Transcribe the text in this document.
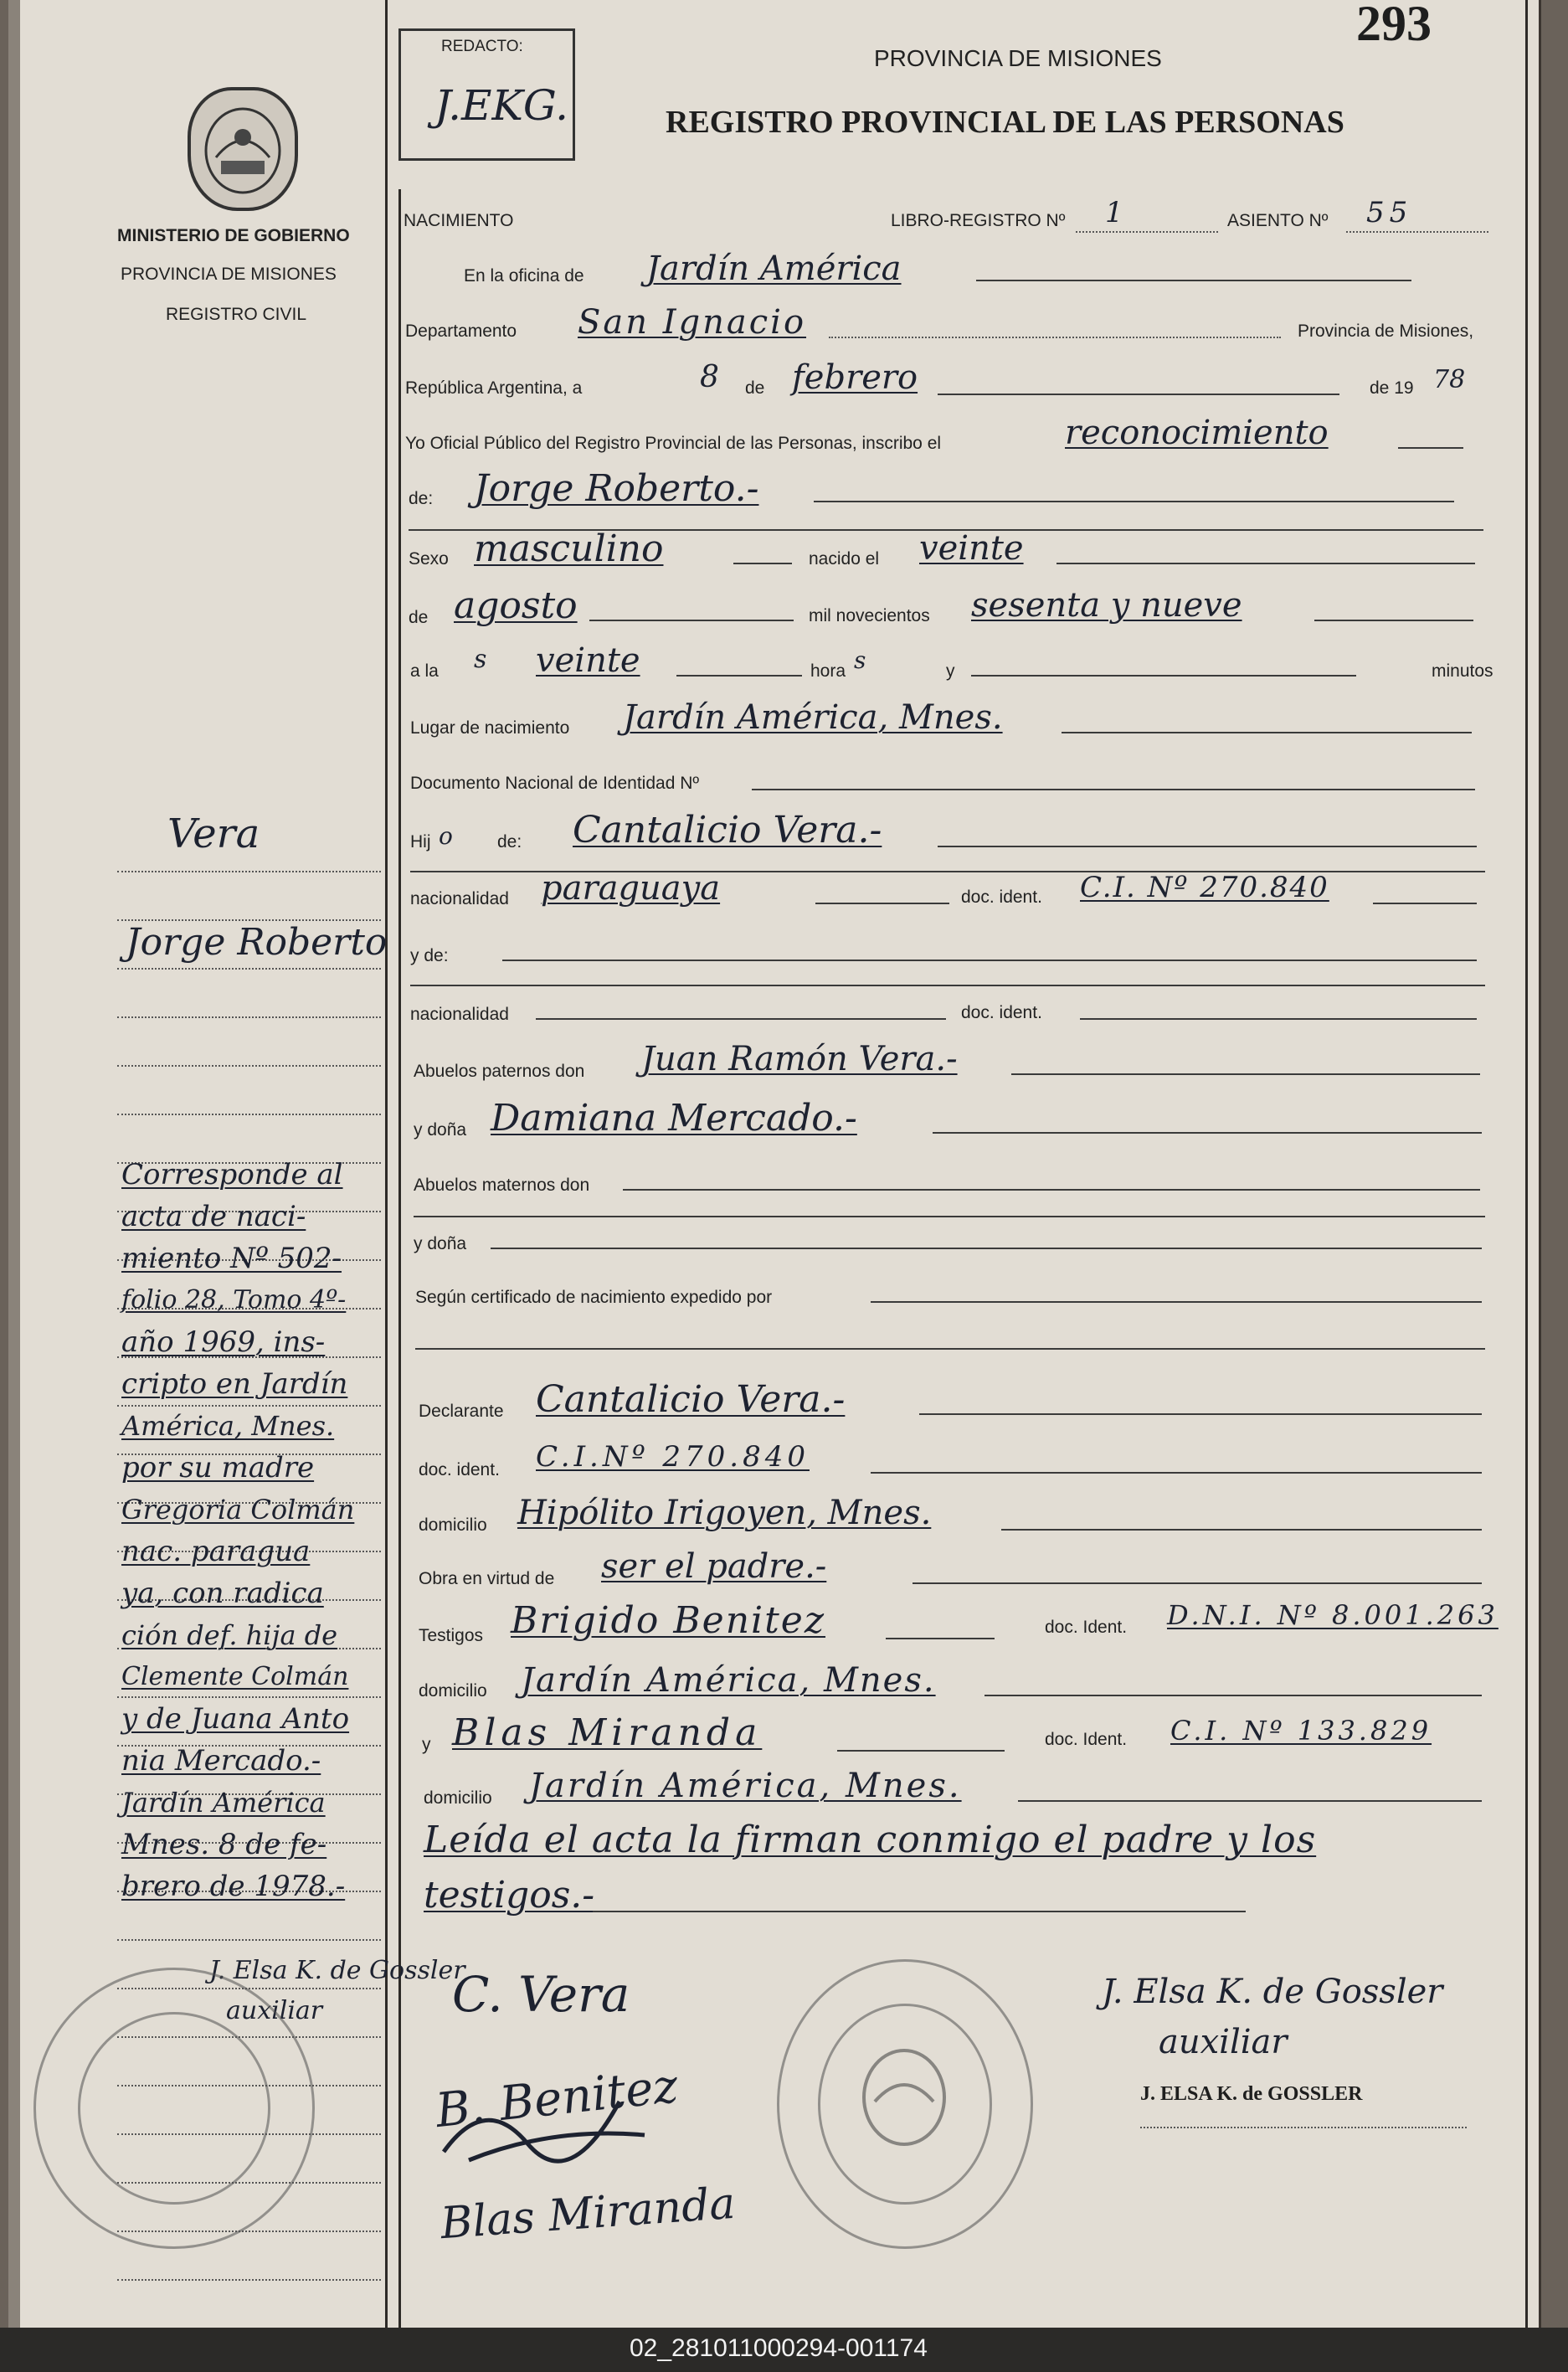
293
REDACTO:
J.EKG.
PROVINCIA DE MISIONES
REGISTRO PROVINCIAL DE LAS PERSONAS
MINISTERIO DE GOBIERNO
PROVINCIA DE MISIONES
REGISTRO CIVIL
Vera
Jorge Roberto
Corresponde al
acta de naci-
miento Nº 502-
folio 28, Tomo 4º-
año 1969, ins-
cripto en Jardín
América, Mnes.
por su madre
Gregoria Colmán
nac. paragua
ya, con radica
ción def. hija de
Clemente Colmán
y de Juana Anto
nia Mercado.-
Jardín América
Mnes. 8 de fe-
brero de 1978.-
J. Elsa K. de Gossler
auxiliar
NACIMIENTO	LIBRO-REGISTRO Nº 1	ASIENTO Nº 55
En la oficina de Jardín América
Departamento San Ignacio	Provincia de Misiones,
República Argentina, a	8 de febrero	de 19 78
Yo Oficial Público del Registro Provincial de las Personas, inscribo el	reconocimiento
de: Jorge Roberto.-
Sexo masculino	nacido el veinte
de agosto	mil novecientos sesenta y nueve
a la s veinte	hora s	y	minutos
Lugar de nacimiento Jardín América, Mnes.
Documento Nacional de Identidad Nº
Hij o	de: Cantalicio Vera.-
nacionalidad paraguaya	doc. ident. C.I. Nº 270.840
y de:
nacionalidad	doc. ident.
Abuelos paternos don Juan Ramón Vera.-
y doña Damiana Mercado.-
Abuelos maternos don
y doña
Según certificado de nacimiento expedido por
Declarante Cantalicio Vera.-
doc. ident. C.I.Nº 270.840
domicilio Hipólito Irigoyen, Mnes.
Obra en virtud de ser el padre.-
Testigos Brigido Benitez	doc. Ident. D.N.I. Nº 8.001.263
domicilio Jardín América, Mnes.
y Blas Miranda	doc. Ident. C.I. Nº 133.829
domicilio Jardín América, Mnes.
Leída el acta la firman conmigo el padre y los
testigos.-
C. Vera
B. Benitez
Blas Miranda
J. Elsa K. de Gossler
auxiliar
J. ELSA K. de GOSSLER
02_281011000294-001174
